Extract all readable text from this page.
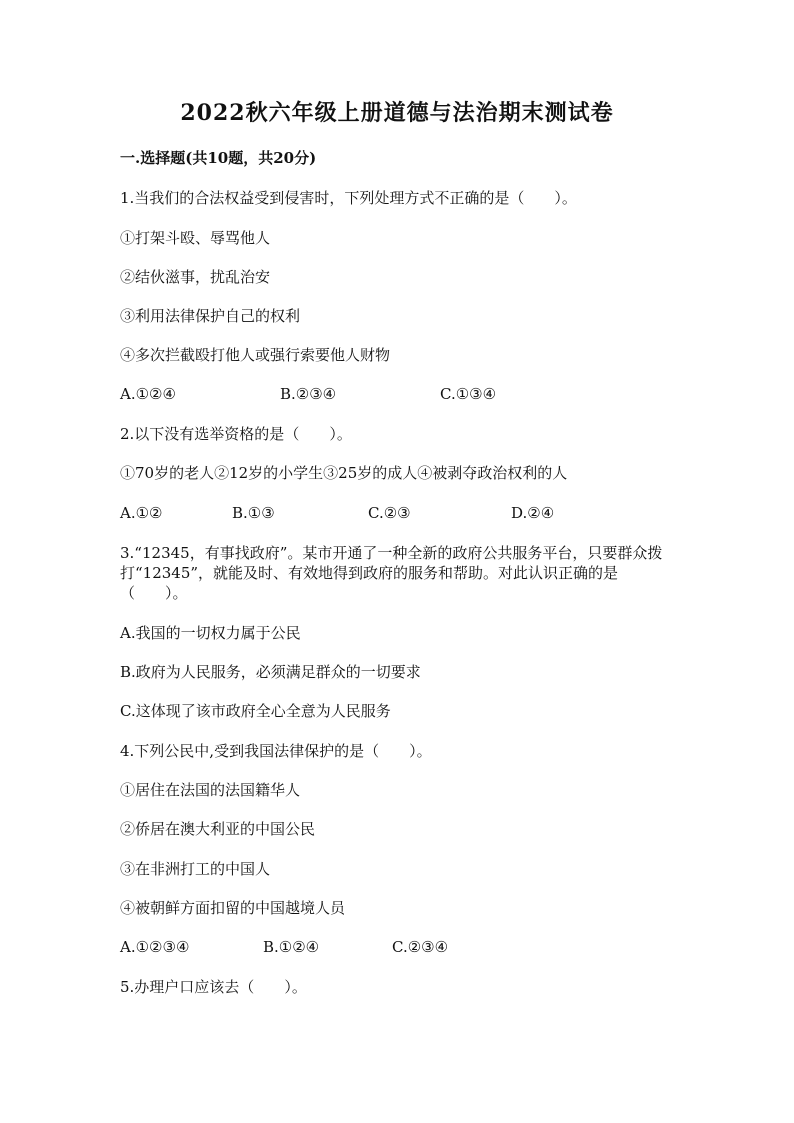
2022秋六年级上册道德与法治期末测试卷
一.选择题(共10题，共20分)
1.当我们的合法权益受到侵害时，下列处理方式不正确的是（　　）。
①打架斗殴、辱骂他人
②结伙滋事，扰乱治安
③利用法律保护自己的权利
④多次拦截殴打他人或强行索要他人财物
A.①②④	B.②③④	C.①③④
2.以下没有选举资格的是（　　）。
①70岁的老人②12岁的小学生③25岁的成人④被剥夺政治权利的人
A.①②	B.①③	C.②③	D.②④
3.“12345，有事找政府”。某市开通了一种全新的政府公共服务平台，只要群众拨打“12345”，就能及时、有效地得到政府的服务和帮助。对此认识正确的是（　　）。
A.我国的一切权力属于公民
B.政府为人民服务，必须满足群众的一切要求
C.这体现了该市政府全心全意为人民服务
4.下列公民中,受到我国法律保护的是（　　）。
①居住在法国的法国籍华人
②侨居在澳大利亚的中国公民
③在非洲打工的中国人
④被朝鲜方面扣留的中国越境人员
A.①②③④	B.①②④	C.②③④
5.办理户口应该去（　　）。
